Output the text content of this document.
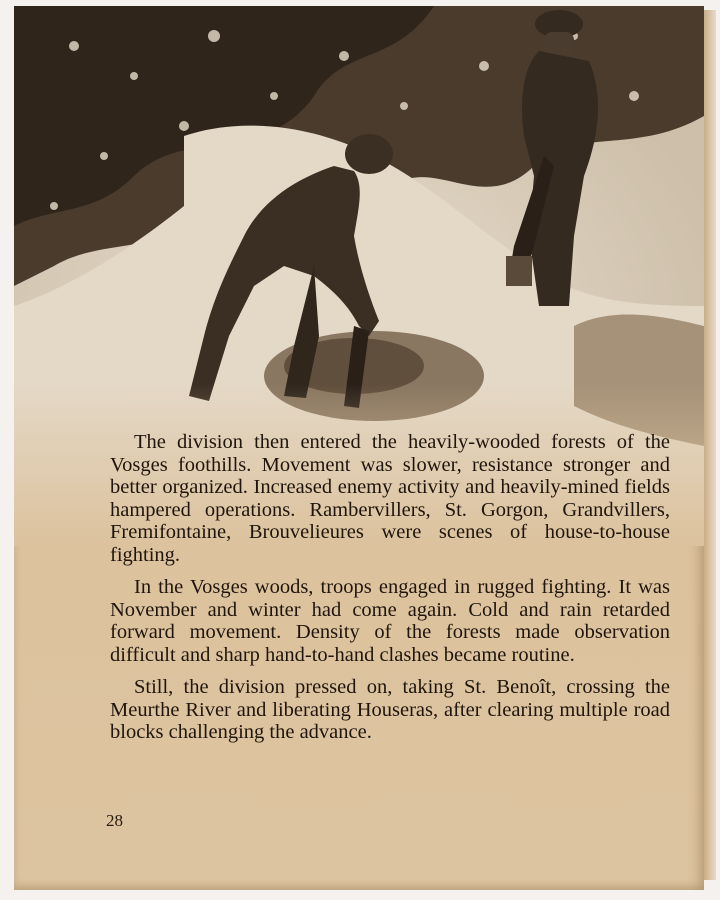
The division then entered the heavily-wooded forests of the Vosges foothills. Movement was slower, resistance stronger and better organized. Increased enemy activity and heavily-mined fields hampered operations. Rambervillers, St. Gorgon, Grandvillers, Fremifontaine, Brouvelieures were scenes of house-to-house fighting.

In the Vosges woods, troops engaged in rugged fighting. It was November and winter had come again. Cold and rain retarded forward movement. Density of the forests made observation difficult and sharp hand-to-hand clashes became routine.

Still, the division pressed on, taking St. Benoît, crossing the Meurthe River and liberating Houseras, after clearing multiple road blocks challenging the advance.

28
